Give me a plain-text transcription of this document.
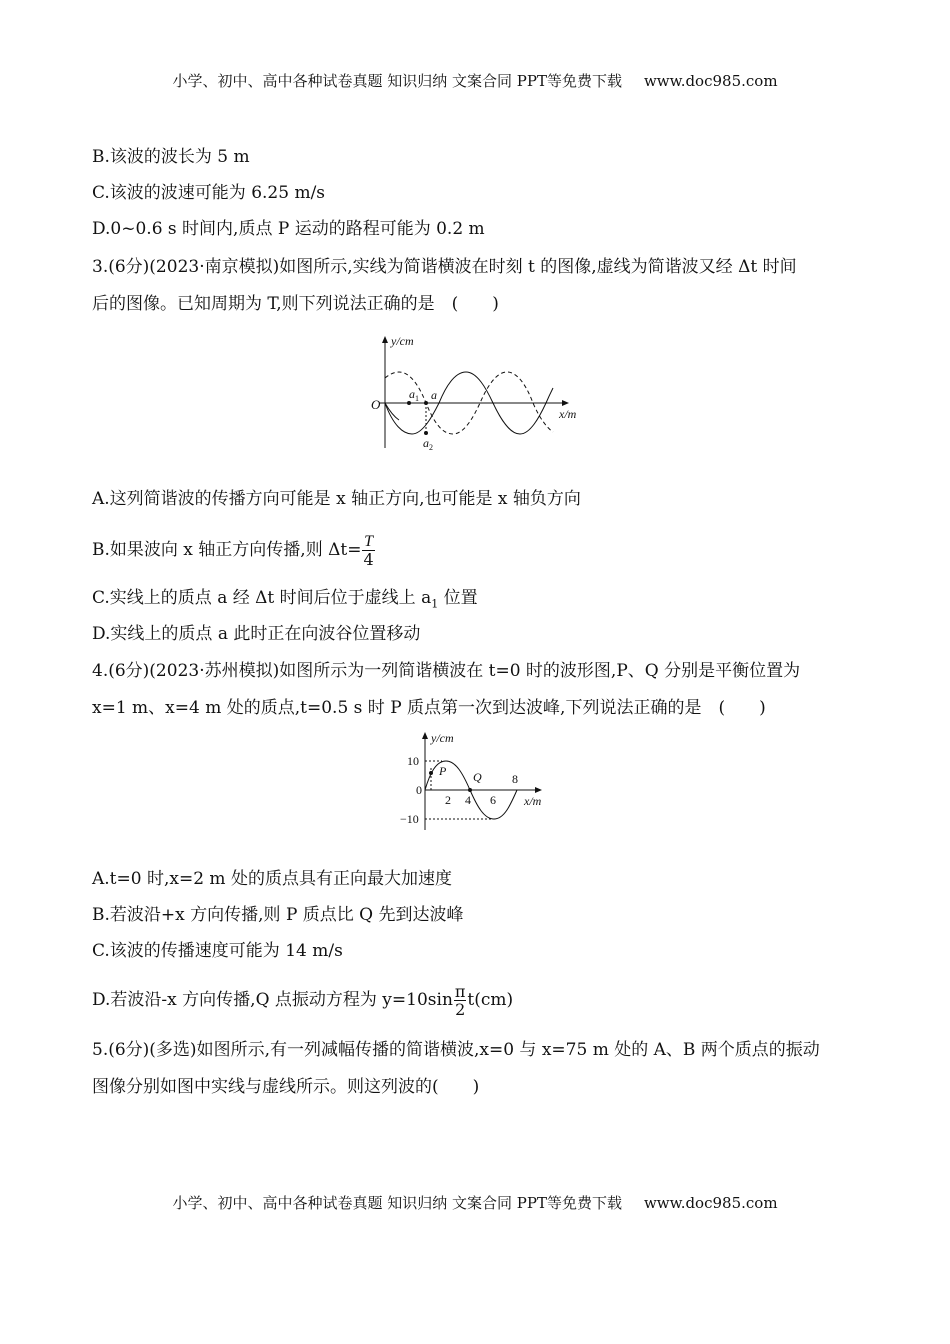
小学、初中、高中各种试卷真题 知识归纳 文案合同 PPT等免费下载 www.doc985.com
B.该波的波长为 5 m
C.该波的波速可能为 6.25 m/s
D.0~0.6 s 时间内,质点 P 运动的路程可能为 0.2 m
3.(6分)(2023·南京模拟)如图所示,实线为简谐横波在时刻 t 的图像,虚线为简谐波又经 Δt 时间
后的图像。已知周期为 T,则下列说法正确的是　(　　)
y/cm
x/m
O
$a_1$ a
$a_2$
A.这列简谐波的传播方向可能是 x 轴正方向,也可能是 x 轴负方向
B.如果波向 x 轴正方向传播,则 $\Delta t= \frac{T}{4}$
C.实线上的质点 a 经 Δt 时间后位于虚线上 $a_1$ 位置
D.实线上的质点 a 此时正在向波谷位置移动
4.(6分)(2023·苏州模拟)如图所示为一列简谐横波在 t=0 时的波形图,P、Q 分别是平衡位置为
x=1 m、x=4 m 处的质点,t=0.5 s 时 P 质点第一次到达波峰,下列说法正确的是　(　　)
y/cm
x/m
P Q
10
0
−10
2 4 6
8
A.t=0 时,x=2 m 处的质点具有正向最大加速度
B.若波沿+x 方向传播,则 P 质点比 Q 先到达波峰
C.该波的传播速度可能为 14 m/s
D.若波沿-x 方向传播,Q 点振动方程为 $y=10\sin \frac{\pi}{2} t(cm)$
5.(6分)(多选)如图所示,有一列减幅传播的简谐横波,x=0 与 x=75 m 处的 A、B 两个质点的振动
图像分别如图中实线与虚线所示。则这列波的(　　)
小学、初中、高中各种试卷真题 知识归纳 文案合同 PPT等免费下载 www.doc985.com
